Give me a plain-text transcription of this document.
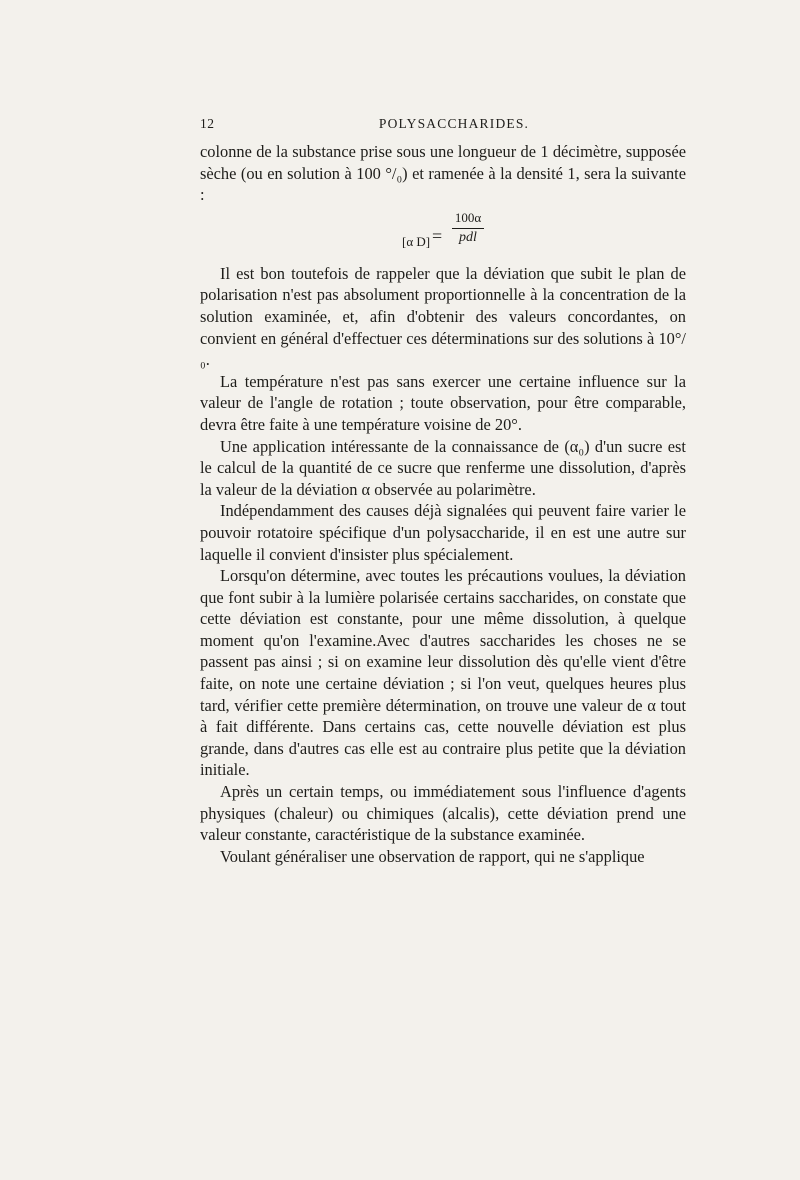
12	POLYSACCHARIDES.

colonne de la substance prise sous une longueur de 1 décimètre, supposée sèche (ou en solution à 100 °/₀) et ramenée à la densité 1, sera la suivante :

[α D] =
100α
pdl

Il est bon toutefois de rappeler que la déviation que subit le plan de polarisation n'est pas absolument proportionnelle à la concentration de la solution examinée, et, afin d'obtenir des valeurs concordantes, on convient en général d'effectuer ces déterminations sur des solutions à 10°/₀.

La température n'est pas sans exercer une certaine influence sur la valeur de l'angle de rotation ; toute observation, pour être comparable, devra être faite à une température voisine de 20°.

Une application intéressante de la connaissance de (α₀) d'un sucre est le calcul de la quantité de ce sucre que renferme une dissolution, d'après la valeur de la déviation α observée au polarimètre.

Indépendamment des causes déjà signalées qui peuvent faire varier le pouvoir rotatoire spécifique d'un polysaccharide, il en est une autre sur laquelle il convient d'insister plus spécialement.

Lorsqu'on détermine, avec toutes les précautions voulues, la déviation que font subir à la lumière polarisée certains saccharides, on constate que cette déviation est constante, pour une même dissolution, à quelque moment qu'on l'examine.Avec d'autres saccharides les choses ne se passent pas ainsi ; si on examine leur dissolution dès qu'elle vient d'être faite, on note une certaine déviation ; si l'on veut, quelques heures plus tard, vérifier cette première détermination, on trouve une valeur de α tout à fait différente. Dans certains cas, cette nouvelle déviation est plus grande, dans d'autres cas elle est au contraire plus petite que la déviation initiale.

Après un certain temps, ou immédiatement sous l'influence d'agents physiques (chaleur) ou chimiques (alcalis), cette déviation prend une valeur constante, caractéristique de la substance examinée.

Voulant généraliser une observation de rapport, qui ne s'applique
